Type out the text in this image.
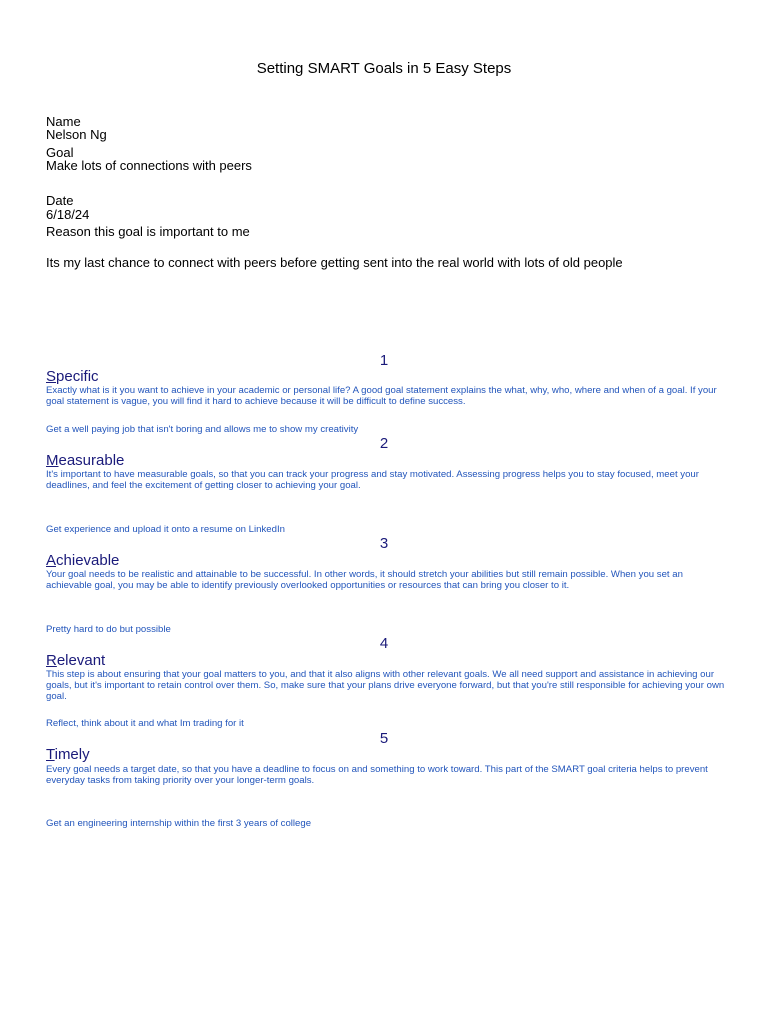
Setting SMART Goals in 5 Easy Steps
Name
Nelson Ng
Goal
Make lots of connections with peers
Date
6/18/24
Reason this goal is important to me
Its my last chance to connect with peers before getting sent into the real world with lots of old people
1
Specific
Exactly what is it you want to achieve in your academic or personal life? A good goal statement explains the what, why, who, where and when of a goal. If your goal statement is vague, you will find it hard to achieve because it will be difficult to define success.
Get a well paying job that isn't boring and allows me to show my creativity
2
Measurable
It's important to have measurable goals, so that you can track your progress and stay motivated. Assessing progress helps you to stay focused, meet your deadlines, and feel the excitement of getting closer to achieving your goal.
Get experience and upload it onto a resume on LinkedIn
3
Achievable
Your goal needs to be realistic and attainable to be successful. In other words, it should stretch your abilities but still remain possible. When you set an achievable goal, you may be able to identify previously overlooked opportunities or resources that can bring you closer to it.
Pretty hard to do but possible
4
Relevant
This step is about ensuring that your goal matters to you, and that it also aligns with other relevant goals. We all need support and assistance in achieving our goals, but it's important to retain control over them. So, make sure that your plans drive everyone forward, but that you're still responsible for achieving your own goal.
Reflect, think about it and what Im trading for it
5
Timely
Every goal needs a target date, so that you have a deadline to focus on and something to work toward. This part of the SMART goal criteria helps to prevent everyday tasks from taking priority over your longer-term goals.
Get an engineering internship within the first 3 years of college
